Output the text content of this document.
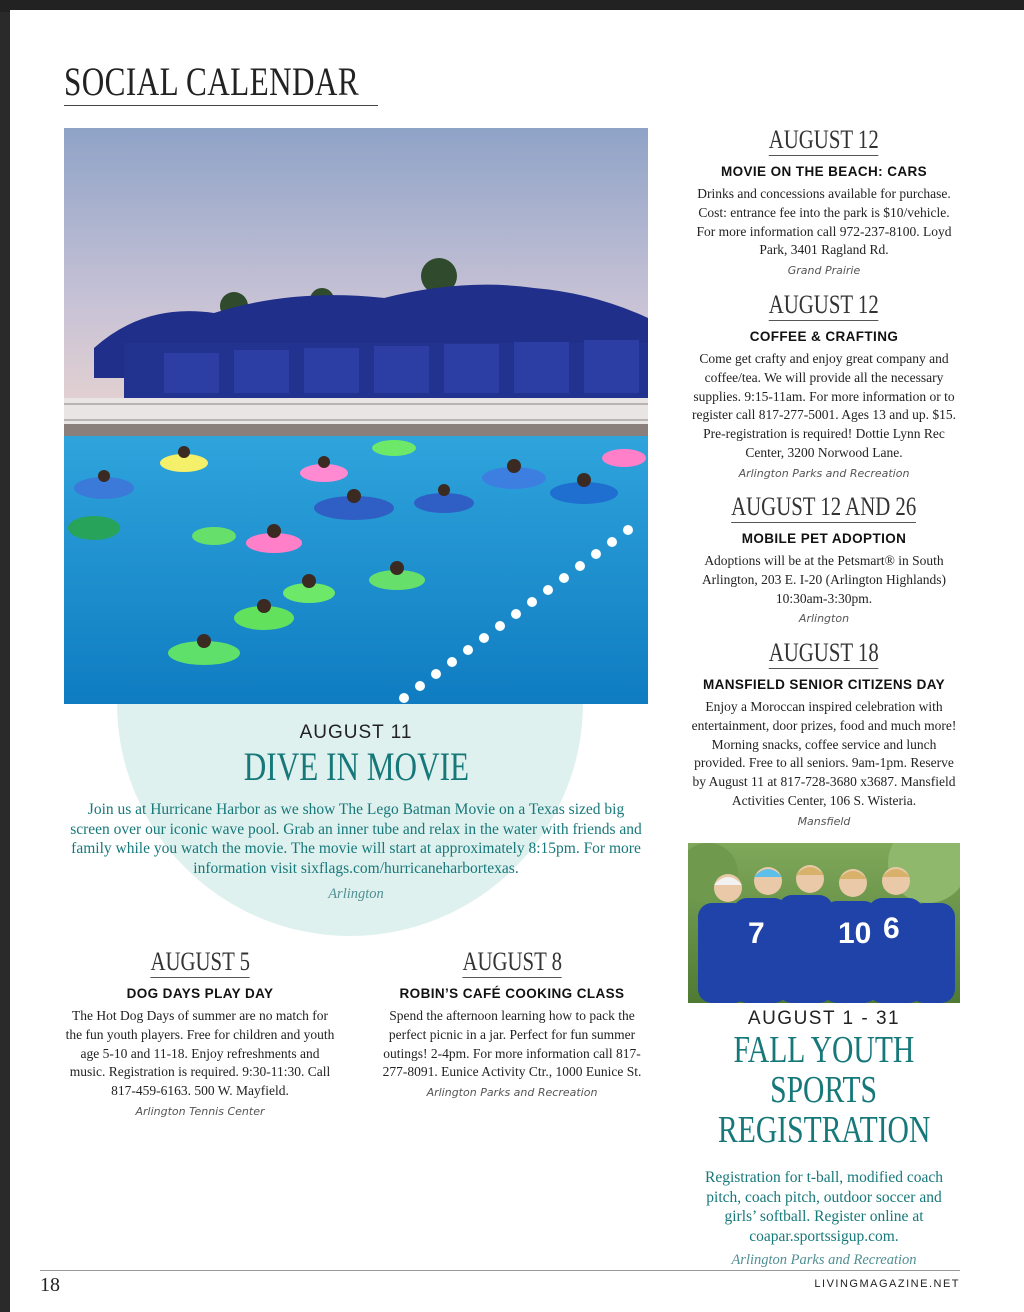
SOCIAL CALENDAR
AUGUST 11
DIVE IN MOVIE
Join us at Hurricane Harbor as we show The Lego Batman Movie on a Texas sized big screen over our iconic wave pool. Grab an inner tube and relax in the water with friends and family while you watch the movie. The movie will start at approximately 8:15pm. For more information visit sixflags.com/hurricaneharbortexas.
Arlington
AUGUST 12
MOVIE ON THE BEACH: CARS
Drinks and concessions available for purchase. Cost: entrance fee into the park is $10/vehicle. For more information call 972-237-8100. Loyd Park, 3401 Ragland Rd.
Grand Prairie
AUGUST 12
COFFEE & CRAFTING
Come get crafty and enjoy great company and coffee/tea. We will provide all the necessary supplies. 9:15-11am. For more information or to register call 817-277-5001. Ages 13 and up. $15. Pre-registration is required! Dottie Lynn Rec Center, 3200 Norwood Lane.
Arlington Parks and Recreation
AUGUST 12 AND 26
MOBILE PET ADOPTION
Adoptions will be at the Petsmart® in South Arlington, 203 E. I-20 (Arlington Highlands) 10:30am-3:30pm.
Arlington
AUGUST 18
MANSFIELD SENIOR CITIZENS DAY
Enjoy a Moroccan inspired celebration with entertainment, door prizes, food and much more! Morning snacks, coffee service and lunch provided. Free to all seniors. 9am-1pm. Reserve by August 11 at 817-728-3680 x3687. Mansfield Activities Center, 106 S. Wisteria.
Mansfield
AUGUST 5
DOG DAYS PLAY DAY
The Hot Dog Days of summer are no match for the fun youth players. Free for children and youth age 5-10 and 11-18. Enjoy refreshments and music. Registration is required. 9:30-11:30. Call 817-459-6163. 500 W. Mayfield.
Arlington Tennis Center
AUGUST 8
ROBIN’S CAFÉ COOKING CLASS
Spend the afternoon learning how to pack the perfect picnic in a jar. Perfect for fun summer outings! 2-4pm. For more information call 817-277-8091. Eunice Activity Ctr., 1000 Eunice St.
Arlington Parks and Recreation
7 10 6
AUGUST 1 - 31
FALL YOUTH
SPORTS
REGISTRATION
Registration for t-ball, modified coach pitch, coach pitch, outdoor soccer and girls’ softball. Register online at coapar.sportssigup.com.
Arlington Parks and Recreation
18	LIVINGMAGAZINE.NET
